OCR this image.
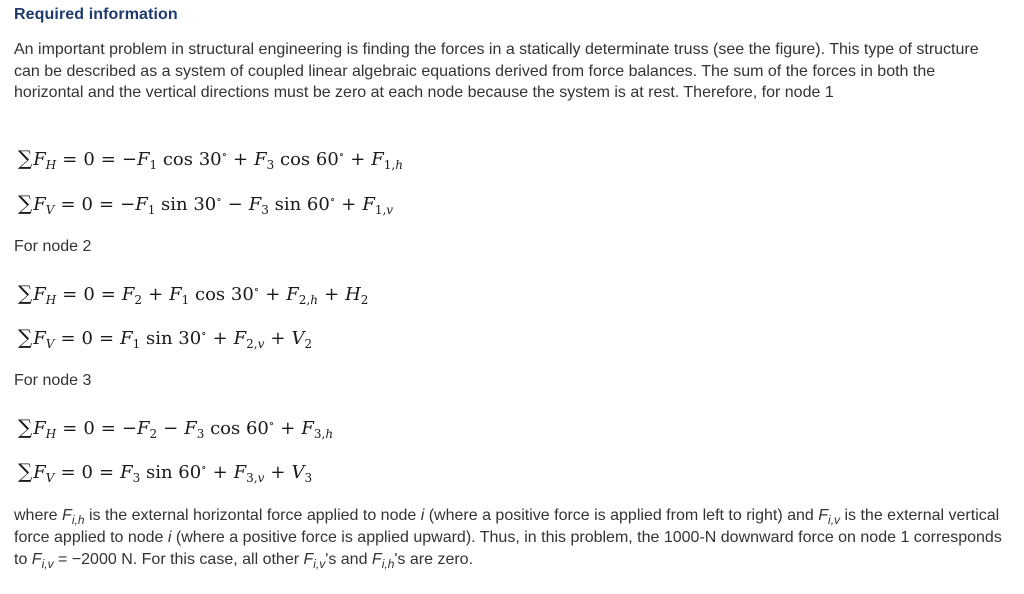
Required information
An important problem in structural engineering is finding the forces in a statically determinate truss (see the figure). This type of structure can be described as a system of coupled linear algebraic equations derived from force balances. The sum of the forces in both the horizontal and the vertical directions must be zero at each node because the system is at rest. Therefore, for node 1
$\sum F_H = 0 = -F_1$ $\cos 30^\circ + F_3$ $\cos 60^\circ + F_{1,h}$
$\sum F_V = 0 = -F_1$ $\sin 30^\circ - F_3$ $\sin 60^\circ + F_{1,v}$
For node 2
$\sum F_H = 0 = F_2 + F_1$ $\cos 30^\circ + F_{2,h} + H_2$
$\sum F_V = 0 = F_1$ $\sin 30^\circ + F_{2,v} + V_2$
For node 3
$\sum F_H = 0 = -F_2 - F_3$ $\cos 60^\circ + F_{3,h}$
$\sum F_V = 0 = F_3$ $\sin 60^\circ + F_{3,v} + V_3$
where $F_{i,h}$ is the external horizontal force applied to node i (where a positive force is applied from left to right) and $F_{i,v}$ is the external vertical force applied to node i (where a positive force is applied upward). Thus, in this problem, the 1000-N downward force on node 1 corresponds to $F_{i,v} = -2000$ N. For this case, all other $F_{i,v}'s$ and $F_{i,h}'s$ are zero.
